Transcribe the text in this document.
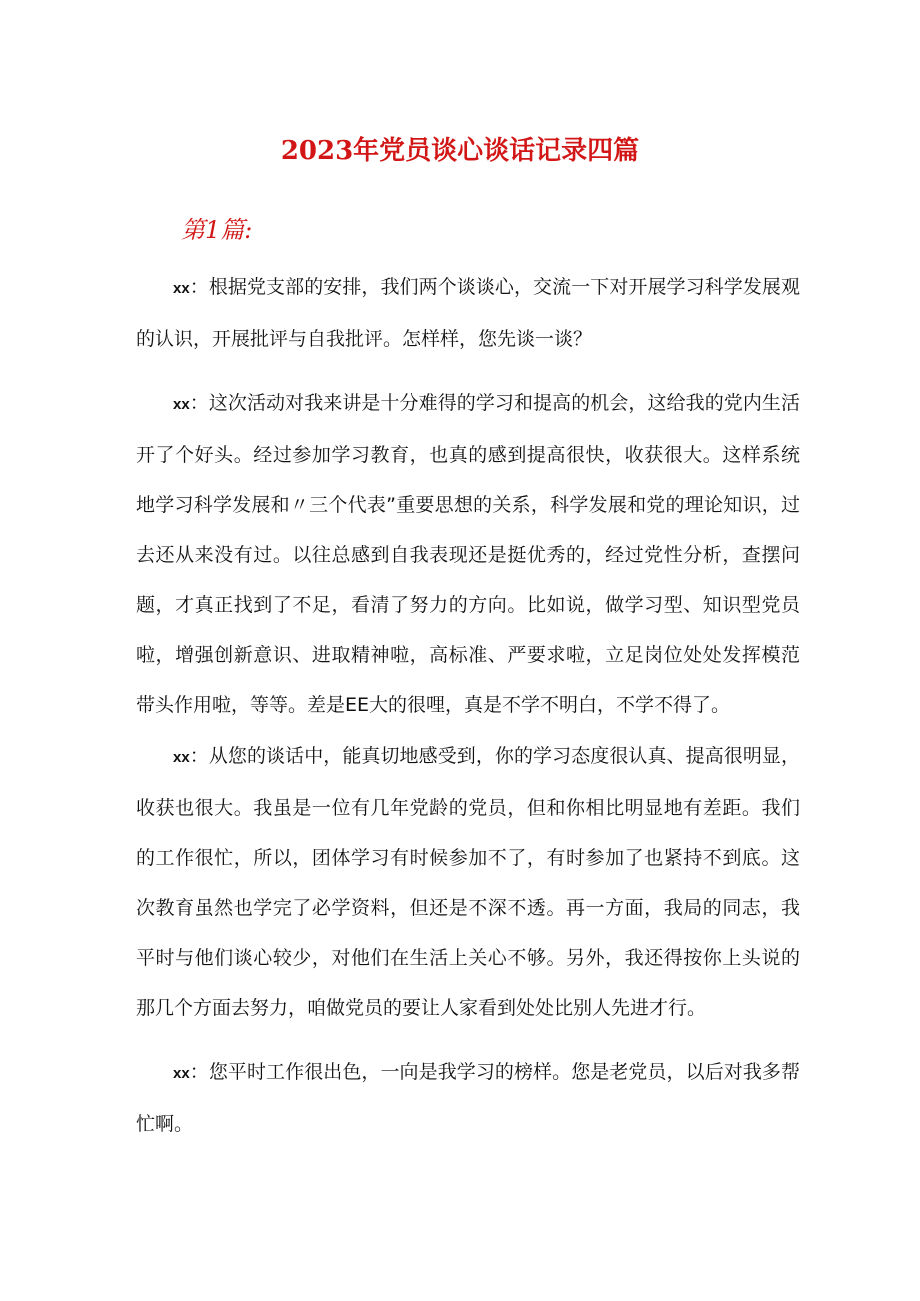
2023年党员谈心谈话记录四篇
第1篇:

xx：根据党支部的安排，我们两个谈谈心，交流一下对开展学习科学发展观的认识，开展批评与自我批评。怎样样，您先谈一谈？

xx：这次活动对我来讲是十分难得的学习和提高的机会，这给我的党内生活开了个好头。经过参加学习教育，也真的感到提高很快，收获很大。这样系统地学习科学发展和〃三个代表”重要思想的关系，科学发展和党的理论知识，过去还从来没有过。以往总感到自我表现还是挺优秀的，经过党性分析，查摆问题，才真正找到了不足，看清了努力的方向。比如说，做学习型、知识型党员啦，增强创新意识、进取精神啦，高标准、严要求啦，立足岗位处处发挥模范带头作用啦，等等。差是EE大的很哩，真是不学不明白，不学不得了。

xx：从您的谈话中，能真切地感受到，你的学习态度很认真、提高很明显，收获也很大。我虽是一位有几年党龄的党员，但和你相比明显地有差距。我们的工作很忙，所以，团体学习有时候参加不了，有时参加了也紧持不到底。这次教育虽然也学完了必学资料，但还是不深不透。再一方面，我局的同志，我平时与他们谈心较少，对他们在生活上关心不够。另外，我还得按你上头说的那几个方面去努力，咱做党员的要让人家看到处处比别人先进才行。

xx：您平时工作很出色，一向是我学习的榜样。您是老党员，以后对我多帮忙啊。
